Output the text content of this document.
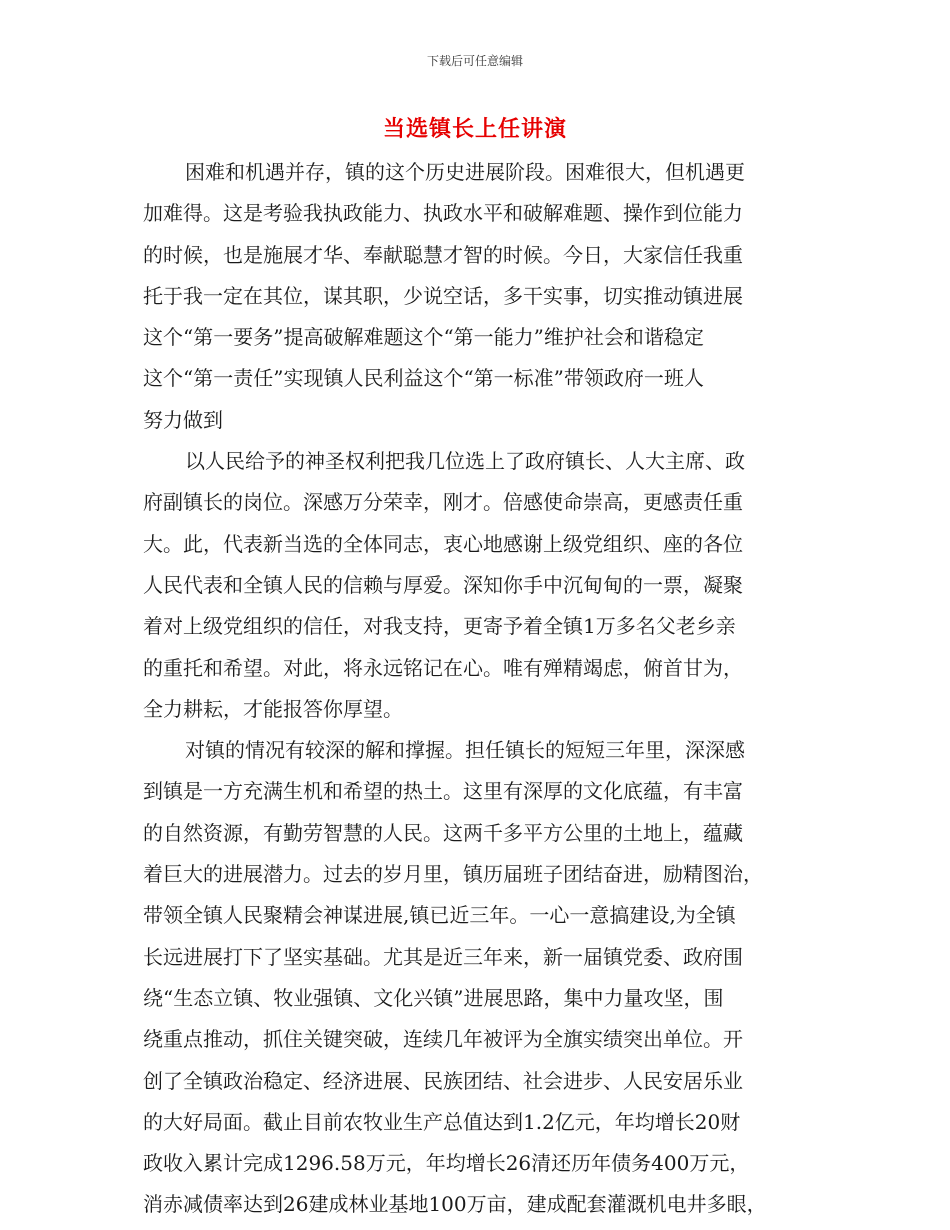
下载后可任意编辑
当选镇长上任讲演
困难和机遇并存，镇的这个历史进展阶段。困难很大，但机遇更
加难得。这是考验我执政能力、执政水平和破解难题、操作到位能力
的时候，也是施展才华、奉献聪慧才智的时候。今日，大家信任我重
托于我一定在其位，谋其职，少说空话，多干实事，切实推动镇进展
这个“第一要务”提高破解难题这个“第一能力”维护社会和谐稳定
这个“第一责任”实现镇人民利益这个“第一标准”带领政府一班人
努力做到
以人民给予的神圣权利把我几位选上了政府镇长、人大主席、政
府副镇长的岗位。深感万分荣幸，刚才。倍感使命崇高，更感责任重
大。此，代表新当选的全体同志，衷心地感谢上级党组织、座的各位
人民代表和全镇人民的信赖与厚爱。深知你手中沉甸甸的一票，凝聚
着对上级党组织的信任，对我支持，更寄予着全镇1万多名父老乡亲
的重托和希望。对此，将永远铭记在心。唯有殚精竭虑，俯首甘为，
全力耕耘，才能报答你厚望。
对镇的情况有较深的解和撑握。担任镇长的短短三年里，深深感
到镇是一方充满生机和希望的热土。这里有深厚的文化底蕴，有丰富
的自然资源，有勤劳智慧的人民。这两千多平方公里的土地上，蕴藏
着巨大的进展潜力。过去的岁月里，镇历届班子团结奋进，励精图治，
带领全镇人民聚精会神谋进展,镇已近三年。一心一意搞建设,为全镇
长远进展打下了坚实基础。尤其是近三年来，新一届镇党委、政府围
绕“生态立镇、牧业强镇、文化兴镇”进展思路，集中力量攻坚，围
绕重点推动，抓住关键突破，连续几年被评为全旗实绩突出单位。开
创了全镇政治稳定、经济进展、民族团结、社会进步、人民安居乐业
的大好局面。截止目前农牧业生产总值达到1.2亿元，年均增长20财
政收入累计完成1296.58万元，年均增长26清还历年债务400万元，
消赤减债率达到26建成林业基地100万亩，建成配套灌溉机电井多眼，
